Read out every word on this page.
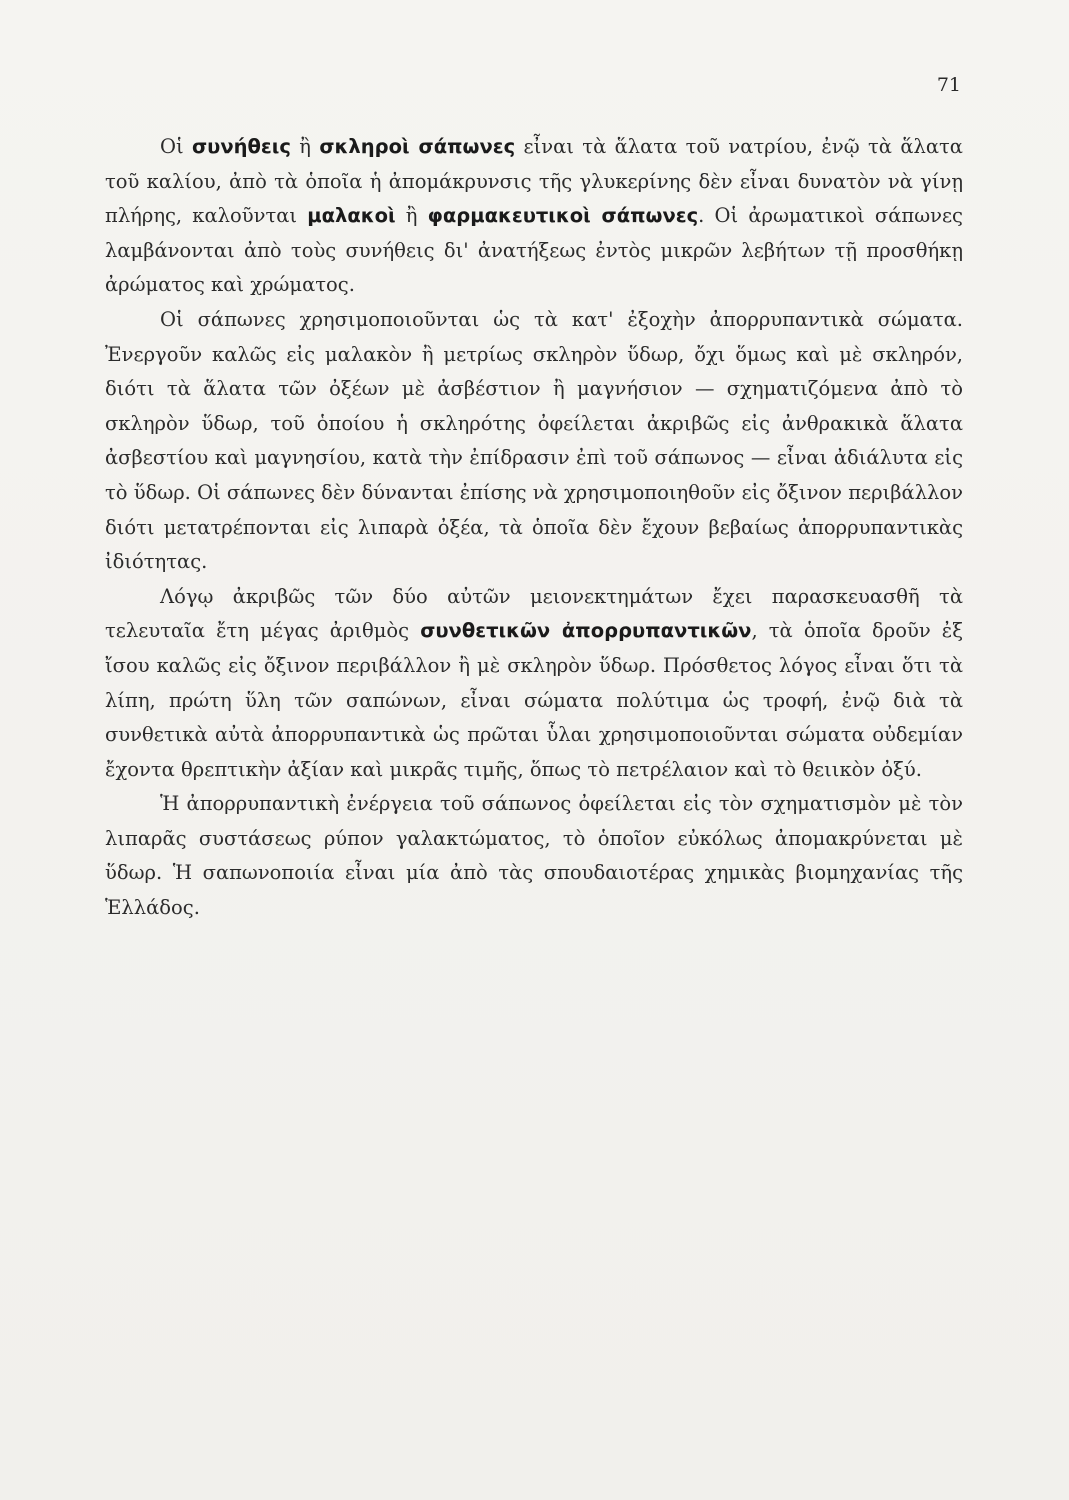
71

Οἱ συνήθεις ἢ σκληροὶ σάπωνες εἶναι τὰ ἅλατα τοῦ νατρίου, ἐνῷ τὰ ἅλατα τοῦ καλίου, ἀπὸ τὰ ὁποῖα ἡ ἀπομάκρυνσις τῆς γλυκερίνης δὲν εἶναι δυνατὸν νὰ γίνῃ πλήρης, καλοῦνται μαλακοὶ ἢ φαρμακευτικοὶ σάπωνες. Οἱ ἀρωματικοὶ σάπωνες λαμβάνονται ἀπὸ τοὺς συνήθεις δι' ἀνατήξεως ἐντὸς μικρῶν λεβήτων τῇ προσθήκῃ ἀρώματος καὶ χρώματος.

Οἱ σάπωνες χρησιμοποιοῦνται ὡς τὰ κατ' ἐξοχὴν ἀπορρυπαντικὰ σώματα. Ἐνεργοῦν καλῶς εἰς μαλακὸν ἢ μετρίως σκληρὸν ὕδωρ, ὄχι ὅμως καὶ μὲ σκληρόν, διότι τὰ ἅλατα τῶν ὀξέων μὲ ἀσβέστιον ἢ μαγνήσιον — σχηματιζόμενα ἀπὸ τὸ σκληρὸν ὕδωρ, τοῦ ὁποίου ἡ σκληρότης ὀφείλεται ἀκριβῶς εἰς ἀνθρακικὰ ἅλατα ἀσβεστίου καὶ μαγνησίου, κατὰ τὴν ἐπίδρασιν ἐπὶ τοῦ σάπωνος — εἶναι ἀδιάλυτα εἰς τὸ ὕδωρ. Οἱ σάπωνες δὲν δύνανται ἐπίσης νὰ χρησιμοποιηθοῦν εἰς ὄξινον περιβάλλον διότι μετατρέπονται εἰς λιπαρὰ ὀξέα, τὰ ὁποῖα δὲν ἔχουν βεβαίως ἀπορρυπαντικὰς ἰδιότητας.

Λόγῳ ἀκριβῶς τῶν δύο αὐτῶν μειονεκτημάτων ἔχει παρασκευασθῆ τὰ τελευταῖα ἔτη μέγας ἀριθμὸς συνθετικῶν ἀπορρυπαντικῶν, τὰ ὁποῖα δροῦν ἐξ ἴσου καλῶς εἰς ὄξινον περιβάλλον ἢ μὲ σκληρὸν ὕδωρ. Πρόσθετος λόγος εἶναι ὅτι τὰ λίπη, πρώτη ὕλη τῶν σαπώνων, εἶναι σώματα πολύτιμα ὡς τροφή, ἐνῷ διὰ τὰ συνθετικὰ αὐτὰ ἀπορρυπαντικὰ ὡς πρῶται ὗλαι χρησιμοποιοῦνται σώματα οὐδεμίαν ἔχοντα θρεπτικὴν ἀξίαν καὶ μικρᾶς τιμῆς, ὅπως τὸ πετρέλαιον καὶ τὸ θειικὸν ὀξύ.

Ἡ ἀπορρυπαντικὴ ἐνέργεια τοῦ σάπωνος ὀφείλεται εἰς τὸν σχηματισμὸν μὲ τὸν λιπαρᾶς συστάσεως ρύπον γαλακτώματος, τὸ ὁποῖον εὐκόλως ἀπομακρύνεται μὲ ὕδωρ. Ἡ σαπωνοποιία εἶναι μία ἀπὸ τὰς σπουδαιοτέρας χημικὰς βιομηχανίας τῆς Ἑλλάδος.
